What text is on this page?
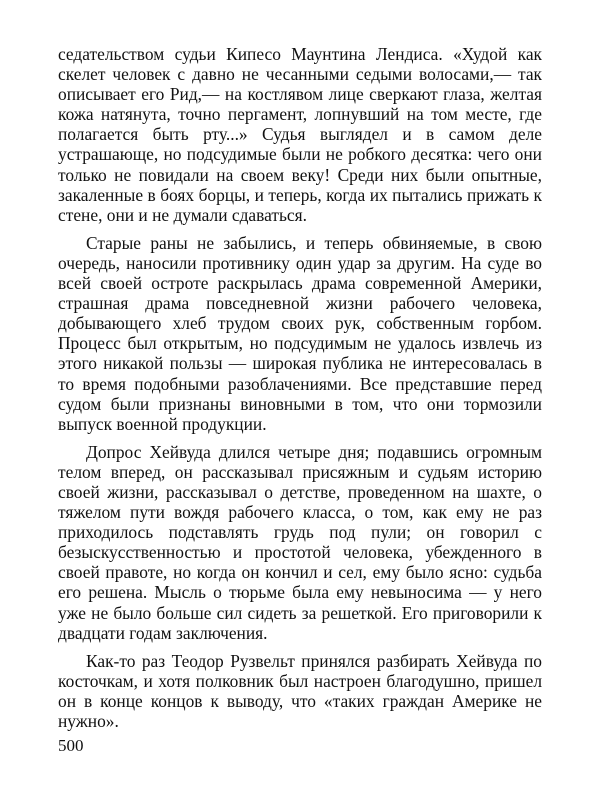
седательством судьи Кипесо Маунтина Лендиса. «Худой как скелет человек с давно не чесанными седыми волосами,— так описывает его Рид,— на костлявом лице сверкают глаза, желтая кожа натянута, точно пергамент, лопнувший на том месте, где полагается быть рту...» Судья выглядел и в самом деле устрашающе, но подсудимые были не робкого десятка: чего они только не повидали на своем веку! Среди них были опытные, закаленные в боях борцы, и теперь, когда их пытались прижать к стене, они и не думали сдаваться.

Старые раны не забылись, и теперь обвиняемые, в свою очередь, наносили противнику один удар за другим. На суде во всей своей остроте раскрылась драма современной Америки, страшная драма повседневной жизни рабочего человека, добывающего хлеб трудом своих рук, собственным горбом. Процесс был открытым, но подсудимым не удалось извлечь из этого никакой пользы — широкая публика не интересовалась в то время подобными разоблачениями. Все представшие перед судом были признаны виновными в том, что они тормозили выпуск военной продукции.

Допрос Хейвуда длился четыре дня; подавшись огромным телом вперед, он рассказывал присяжным и судьям историю своей жизни, рассказывал о детстве, проведенном на шахте, о тяжелом пути вождя рабочего класса, о том, как ему не раз приходилось подставлять грудь под пули; он говорил с безыскусственностью и простотой человека, убежденного в своей правоте, но когда он кончил и сел, ему было ясно: судьба его решена. Мысль о тюрьме была ему невыносима — у него уже не было больше сил сидеть за решеткой. Его приговорили к двадцати годам заключения.

Как-то раз Теодор Рузвельт принялся разбирать Хейвуда по косточкам, и хотя полковник был настроен благодушно, пришел он в конце концов к выводу, что «таких граждан Америке не нужно».

500
